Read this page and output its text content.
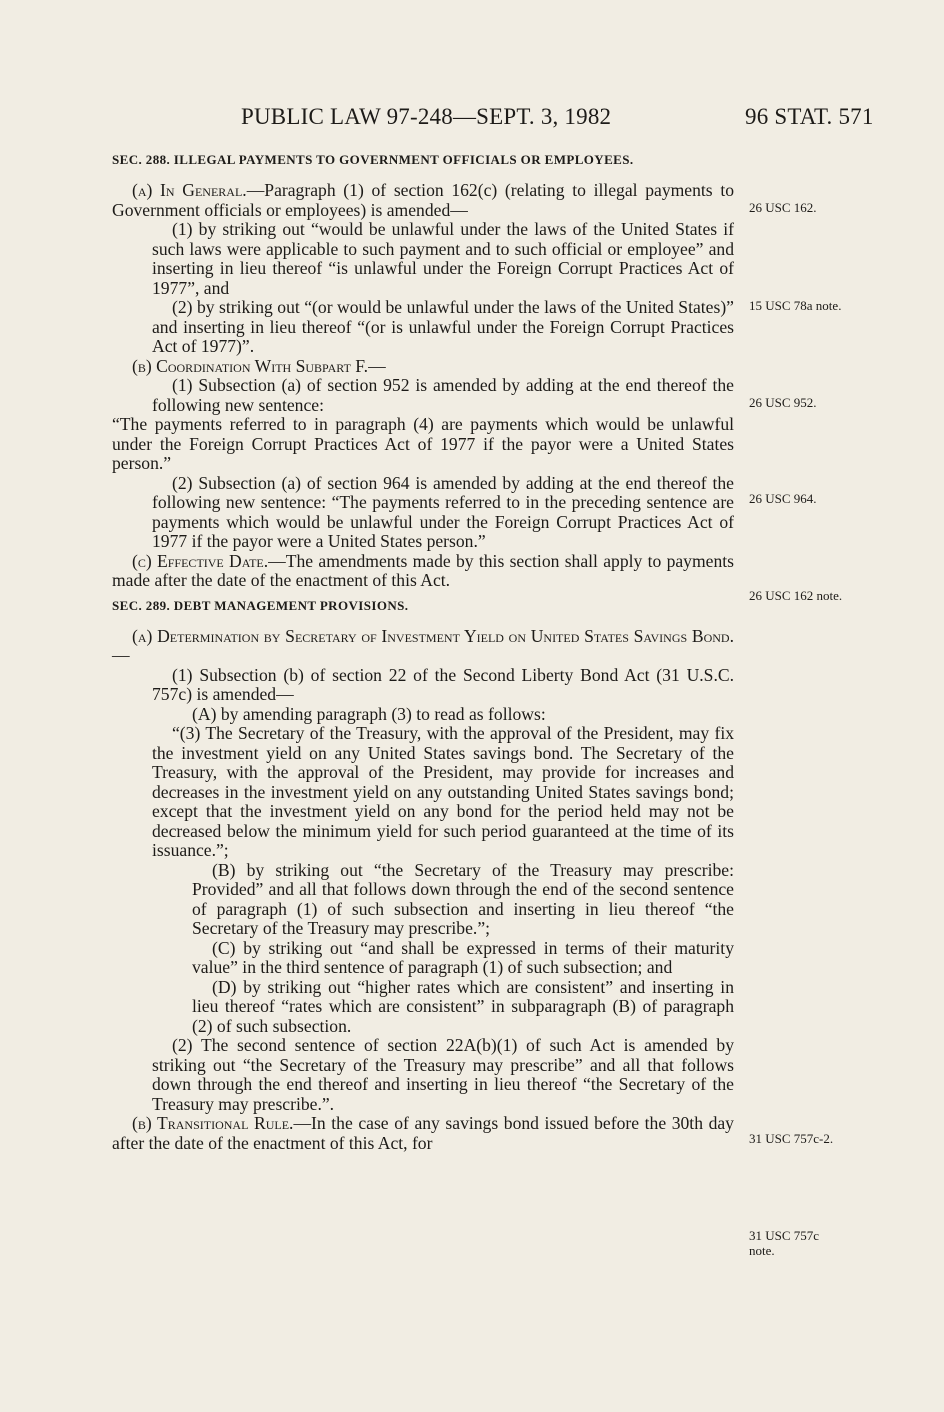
PUBLIC LAW 97-248—SEPT. 3, 1982	96 STAT. 571

SEC. 288. ILLEGAL PAYMENTS TO GOVERNMENT OFFICIALS OR EMPLOYEES.

(a) In General.—Paragraph (1) of section 162(c) (relating to illegal payments to Government officials or employees) is amended—

(1) by striking out “would be unlawful under the laws of the United States if such laws were applicable to such payment and to such official or employee” and inserting in lieu thereof “is unlawful under the Foreign Corrupt Practices Act of 1977”, and

(2) by striking out “(or would be unlawful under the laws of the United States)” and inserting in lieu thereof “(or is unlawful under the Foreign Corrupt Practices Act of 1977)”.

(b) Coordination With Subpart F.—

(1) Subsection (a) of section 952 is amended by adding at the end thereof the following new sentence:

“The payments referred to in paragraph (4) are payments which would be unlawful under the Foreign Corrupt Practices Act of 1977 if the payor were a United States person.”

(2) Subsection (a) of section 964 is amended by adding at the end thereof the following new sentence: “The payments referred to in the preceding sentence are payments which would be unlawful under the Foreign Corrupt Practices Act of 1977 if the payor were a United States person.”

(c) Effective Date.—The amendments made by this section shall apply to payments made after the date of the enactment of this Act.

SEC. 289. DEBT MANAGEMENT PROVISIONS.

(a) Determination by Secretary of Investment Yield on United States Savings Bond.—

(1) Subsection (b) of section 22 of the Second Liberty Bond Act (31 U.S.C. 757c) is amended—

(A) by amending paragraph (3) to read as follows:

“(3) The Secretary of the Treasury, with the approval of the President, may fix the investment yield on any United States savings bond. The Secretary of the Treasury, with the approval of the President, may provide for increases and decreases in the investment yield on any outstanding United States savings bond; except that the investment yield on any bond for the period held may not be decreased below the minimum yield for such period guaranteed at the time of its issuance.”;

(B) by striking out “the Secretary of the Treasury may prescribe: Provided” and all that follows down through the end of the second sentence of paragraph (1) of such subsection and inserting in lieu thereof “the Secretary of the Treasury may prescribe.”;

(C) by striking out “and shall be expressed in terms of their maturity value” in the third sentence of paragraph (1) of such subsection; and

(D) by striking out “higher rates which are consistent” and inserting in lieu thereof “rates which are consistent” in subparagraph (B) of paragraph (2) of such subsection.

(2) The second sentence of section 22A(b)(1) of such Act is amended by striking out “the Secretary of the Treasury may prescribe” and all that follows down through the end thereof and inserting in lieu thereof “the Secretary of the Treasury may prescribe.”.

(b) Transitional Rule.—In the case of any savings bond issued before the 30th day after the date of the enactment of this Act, for

26 USC 162.
15 USC 78a note.
26 USC 952.
26 USC 964.
26 USC 162 note.
31 USC 757c-2.
31 USC 757c
note.
